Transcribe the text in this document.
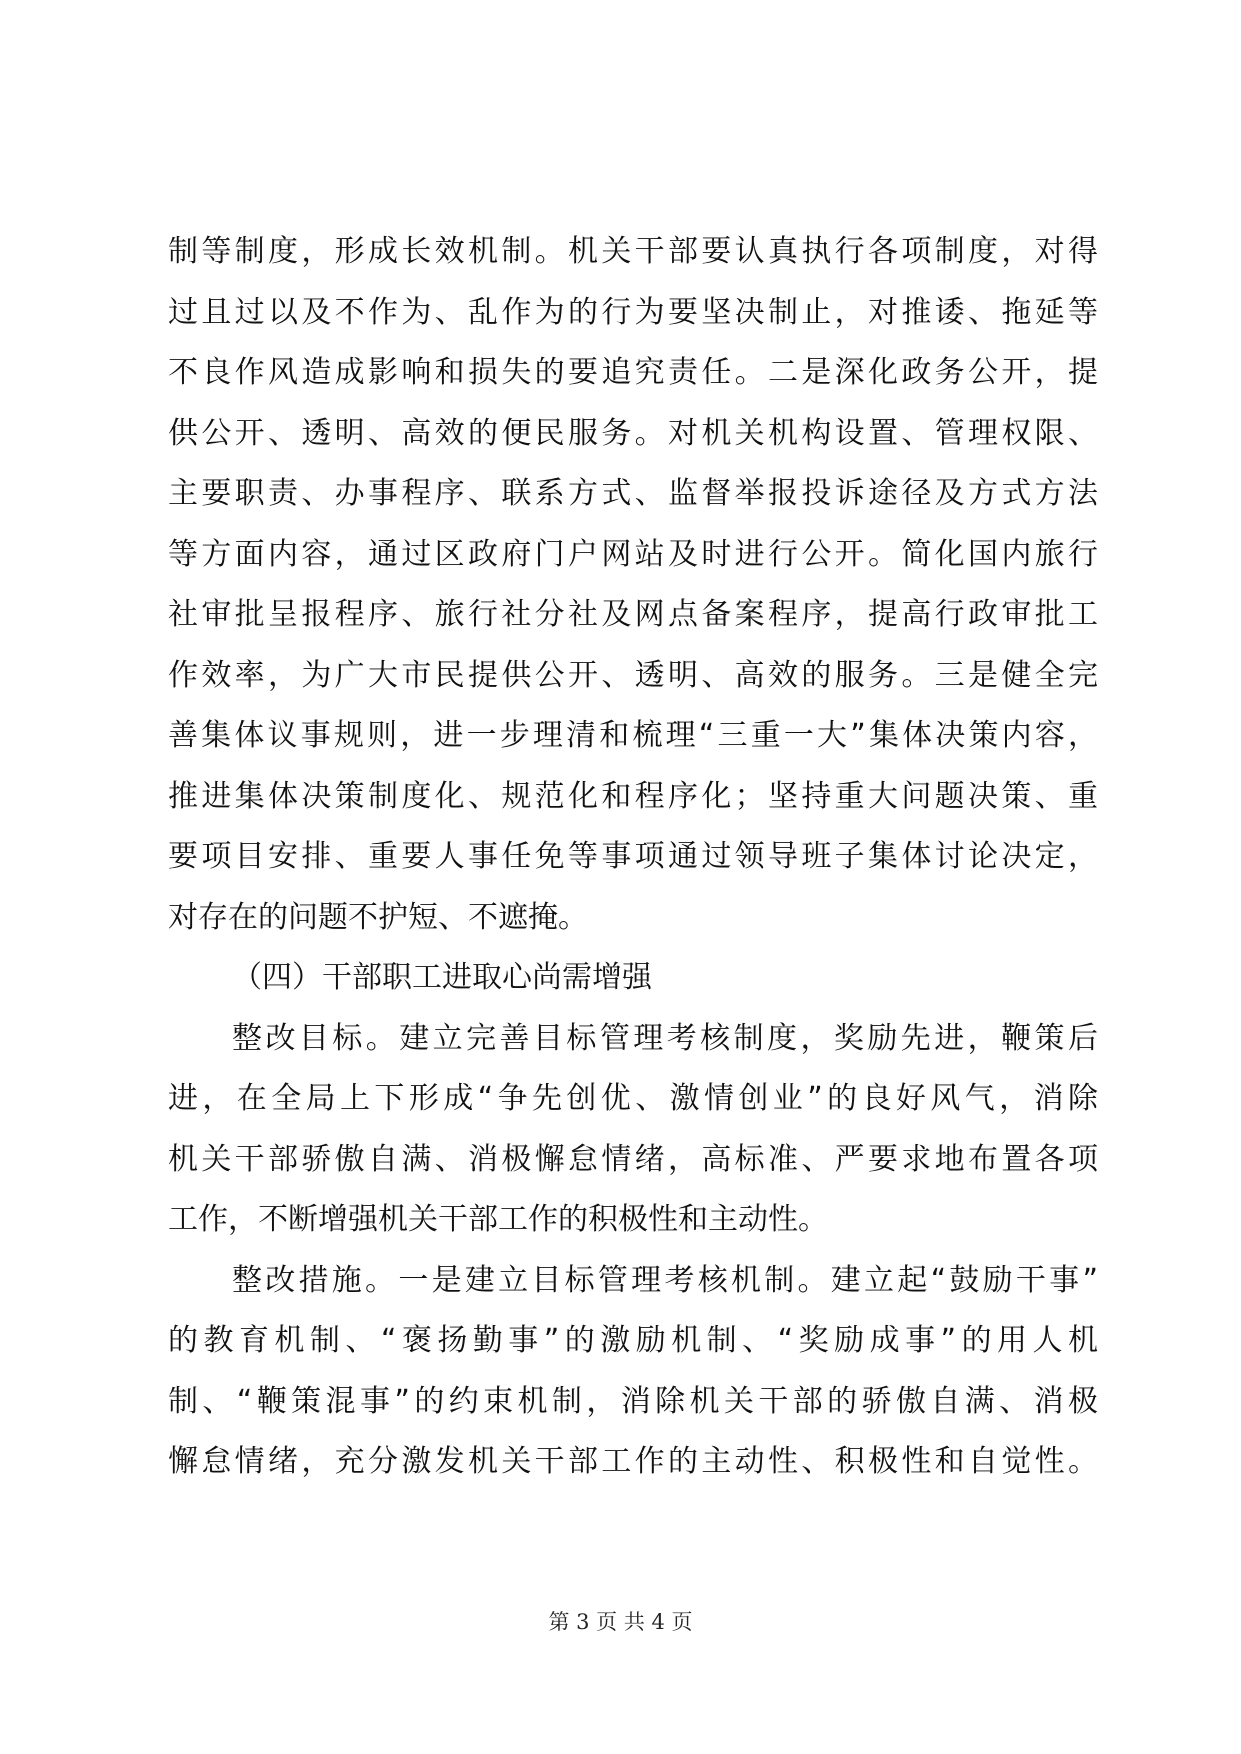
制等制度，形成长效机制。机关干部要认真执行各项制度，对得
过且过以及不作为、乱作为的行为要坚决制止，对推诿、拖延等
不良作风造成影响和损失的要追究责任。二是深化政务公开，提
供公开、透明、高效的便民服务。对机关机构设置、管理权限、
主要职责、办事程序、联系方式、监督举报投诉途径及方式方法
等方面内容，通过区政府门户网站及时进行公开。简化国内旅行
社审批呈报程序、旅行社分社及网点备案程序，提高行政审批工
作效率，为广大市民提供公开、透明、高效的服务。三是健全完
善集体议事规则，进一步理清和梳理“三重一大”集体决策内容，
推进集体决策制度化、规范化和程序化；坚持重大问题决策、重
要项目安排、重要人事任免等事项通过领导班子集体讨论决定，
对存在的问题不护短、不遮掩。
（四）干部职工进取心尚需增强
整改目标。建立完善目标管理考核制度，奖励先进，鞭策后
进，在全局上下形成“争先创优、激情创业”的良好风气，消除
机关干部骄傲自满、消极懈怠情绪，高标准、严要求地布置各项
工作，不断增强机关干部工作的积极性和主动性。
整改措施。一是建立目标管理考核机制。建立起“鼓励干事”
的教育机制、“褒扬勤事”的激励机制、“奖励成事”的用人机
制、“鞭策混事”的约束机制，消除机关干部的骄傲自满、消极
懈怠情绪，充分激发机关干部工作的主动性、积极性和自觉性。
第 3 页 共 4 页
